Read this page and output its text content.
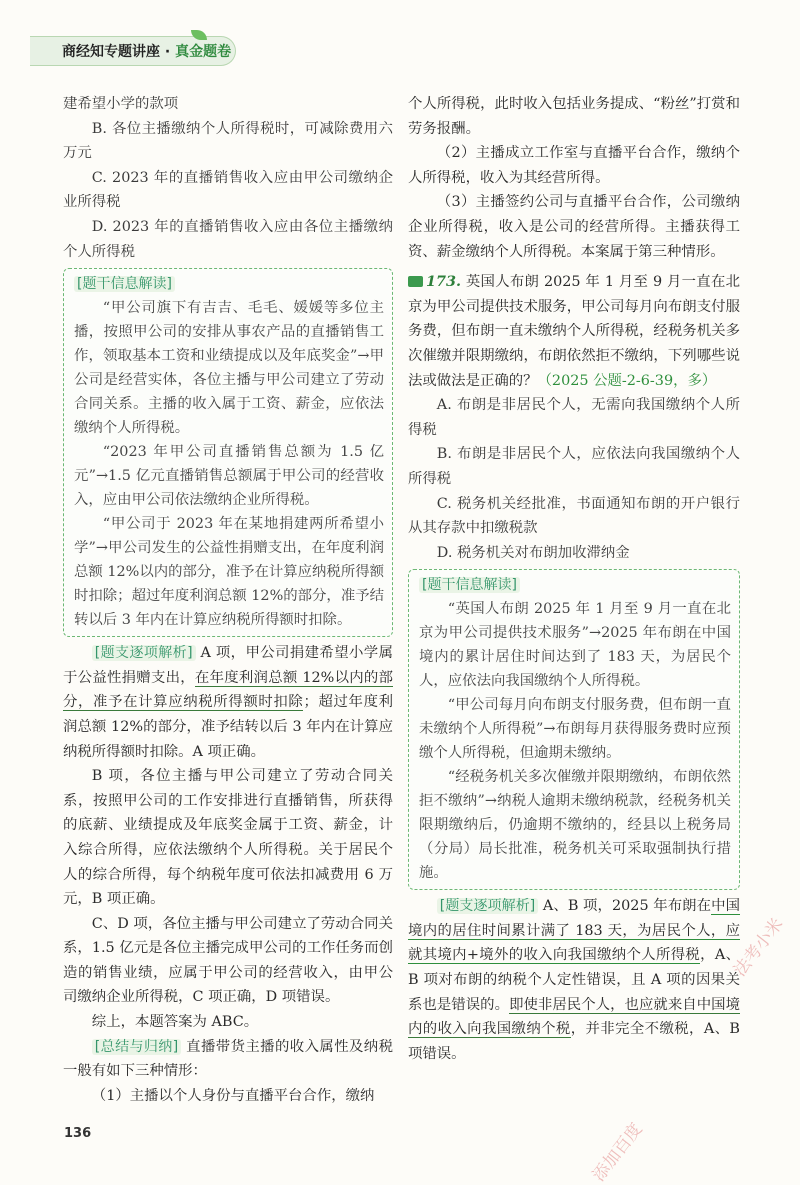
商经知专题讲座 · 真金题卷

建希望小学的款项

B. 各位主播缴纳个人所得税时，可减除费用六万元

C. 2023 年的直播销售收入应由甲公司缴纳企业所得税

D. 2023 年的直播销售收入应由各位主播缴纳个人所得税

[题干信息解读]

“甲公司旗下有吉吉、毛毛、媛媛等多位主播，按照甲公司的安排从事农产品的直播销售工作，领取基本工资和业绩提成以及年底奖金”→甲公司是经营实体，各位主播与甲公司建立了劳动合同关系。主播的收入属于工资、薪金，应依法缴纳个人所得税。

“2023 年甲公司直播销售总额为 1.5 亿元”→1.5 亿元直播销售总额属于甲公司的经营收入，应由甲公司依法缴纳企业所得税。

“甲公司于 2023 年在某地捐建两所希望小学”→甲公司发生的公益性捐赠支出，在年度利润总额 12%以内的部分，准予在计算应纳税所得额时扣除；超过年度利润总额 12%的部分，准予结转以后 3 年内在计算应纳税所得额时扣除。

[题支逐项解析] A 项，甲公司捐建希望小学属于公益性捐赠支出，在年度利润总额 12%以内的部分，准予在计算应纳税所得额时扣除；超过年度利润总额 12%的部分，准予结转以后 3 年内在计算应纳税所得额时扣除。A 项正确。

B 项，各位主播与甲公司建立了劳动合同关系，按照甲公司的工作安排进行直播销售，所获得的底薪、业绩提成及年底奖金属于工资、薪金，计入综合所得，应依法缴纳个人所得税。关于居民个人的综合所得，每个纳税年度可依法扣减费用 6 万元，B 项正确。

C、D 项，各位主播与甲公司建立了劳动合同关系，1.5 亿元是各位主播完成甲公司的工作任务而创造的销售业绩，应属于甲公司的经营收入，由甲公司缴纳企业所得税，C 项正确，D 项错误。

综上，本题答案为 ABC。

[总结与归纳] 直播带货主播的收入属性及纳税一般有如下三种情形：

（1）主播以个人身份与直播平台合作，缴纳

个人所得税，此时收入包括业务提成、“粉丝”打赏和劳务报酬。

（2）主播成立工作室与直播平台合作，缴纳个人所得税，收入为其经营所得。

（3）主播签约公司与直播平台合作，公司缴纳企业所得税，收入是公司的经营所得。主播获得工资、薪金缴纳个人所得税。本案属于第三种情形。

173. 英国人布朗 2025 年 1 月至 9 月一直在北京为甲公司提供技术服务，甲公司每月向布朗支付服务费，但布朗一直未缴纳个人所得税，经税务机关多次催缴并限期缴纳，布朗依然拒不缴纳，下列哪些说法或做法是正确的？（2025 公题-2-6-39，多）

A. 布朗是非居民个人，无需向我国缴纳个人所得税

B. 布朗是非居民个人，应依法向我国缴纳个人所得税

C. 税务机关经批准，书面通知布朗的开户银行从其存款中扣缴税款

D. 税务机关对布朗加收滞纳金

[题干信息解读]

“英国人布朗 2025 年 1 月至 9 月一直在北京为甲公司提供技术服务”→2025 年布朗在中国境内的累计居住时间达到了 183 天，为居民个人，应依法向我国缴纳个人所得税。

“甲公司每月向布朗支付服务费，但布朗一直未缴纳个人所得税”→布朗每月获得服务费时应预缴个人所得税，但逾期未缴纳。

“经税务机关多次催缴并限期缴纳，布朗依然拒不缴纳”→纳税人逾期未缴纳税款，经税务机关限期缴纳后，仍逾期不缴纳的，经县以上税务局（分局）局长批准，税务机关可采取强制执行措施。

[题支逐项解析] A、B 项，2025 年布朗在中国境内的居住时间累计满了 183 天，为居民个人，应就其境内+境外的收入向我国缴纳个人所得税，A、B 项对布朗的纳税个人定性错误，且 A 项的因果关系也是错误的。即使非居民个人，也应就来自中国境内的收入向我国缴纳个税，并非完全不缴税，A、B 项错误。

136	添加百度
法考小米
